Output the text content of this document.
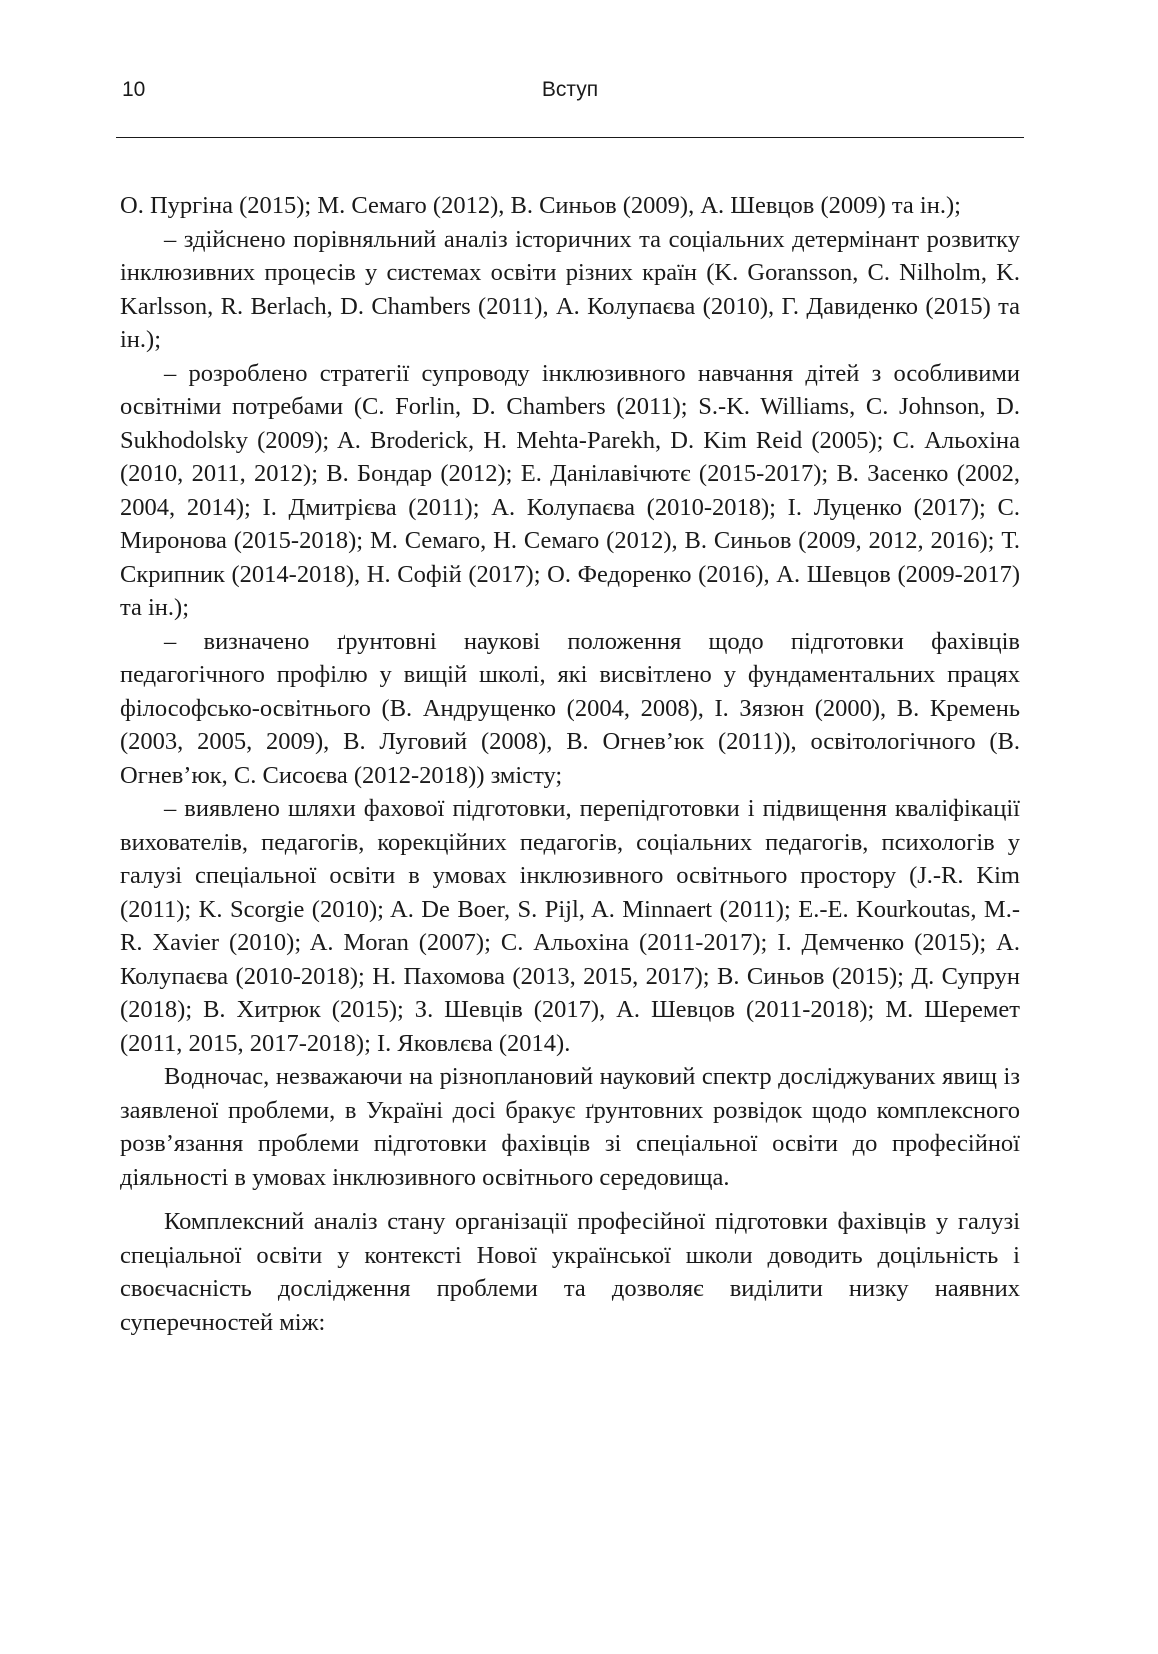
10	Вступ

О. Пургіна (2015); М. Семаго (2012), В. Синьов (2009), А. Шевцов (2009) та ін.);

– здійснено порівняльний аналіз історичних та соціальних детермінант розвитку інклюзивних процесів у системах освіти різних країн (K. Goransson, C. Nilholm, K. Karlsson, R. Berlach, D. Chambers (2011), А. Колупаєва (2010), Г. Давиденко (2015) та ін.);

– розроблено стратегії супроводу інклюзивного навчання дітей з особливими освітніми потребами (C. Forlin, D. Chambers (2011); S.-K. Williams, C. Johnson, D. Sukhodolsky (2009); A. Broderick, H. Mehta-Parekh, D. Kim Reid (2005); С. Альохіна (2010, 2011, 2012); В. Бондар (2012); Е. Данілавічютє (2015-2017); В. Засенко (2002, 2004, 2014); І. Дмитрієва (2011); А. Колупаєва (2010-2018); І. Луценко (2017); С. Миронова (2015-2018); М. Семаго, Н. Семаго (2012), В. Синьов (2009, 2012, 2016); Т. Скрипник (2014-2018), Н. Софій (2017); О. Федоренко (2016), А. Шевцов (2009-2017) та ін.);

– визначено ґрунтовні наукові положення щодо підготовки фахівців педагогічного профілю у вищій школі, які висвітлено у фундаментальних працях філософсько-освітнього (В. Андрущенко (2004, 2008), І. Зязюн (2000), В. Кремень (2003, 2005, 2009), В. Луговий (2008), В. Огнев’юк (2011)), освітологічного (В. Огнев’юк, С. Сисоєва (2012-2018)) змісту;

– виявлено шляхи фахової підготовки, перепідготовки і підвищення кваліфікації вихователів, педагогів, корекційних педагогів, соціальних педагогів, психологів у галузі спеціальної освіти в умовах інклюзивного освітнього простору (J.-R. Kim (2011); K. Scorgie (2010); A. De Boer, S. Pijl, A. Minnaert (2011); E.-E. Kourkoutas, M.-R. Xavier (2010); A. Moran (2007); С. Альохіна (2011-2017); І. Демченко (2015); А. Колупаєва (2010-2018); Н. Пахомова (2013, 2015, 2017); В. Синьов (2015); Д. Супрун (2018); В. Хитрюк (2015); З. Шевців (2017), А. Шевцов (2011-2018); М. Шеремет (2011, 2015, 2017-2018); І. Яковлєва (2014).

Водночас, незважаючи на різноплановий науковий спектр досліджуваних явищ із заявленої проблеми, в Україні досі бракує ґрунтовних розвідок щодо комплексного розв’язання проблеми підготовки фахівців зі спеціальної освіти до професійної діяльності в умовах інклюзивного освітнього середовища.

Комплексний аналіз стану організації професійної підготовки фахівців у галузі спеціальної освіти у контексті Нової української школи доводить доцільність і своєчасність дослідження проблеми та дозволяє виділити низку наявних суперечностей між:
